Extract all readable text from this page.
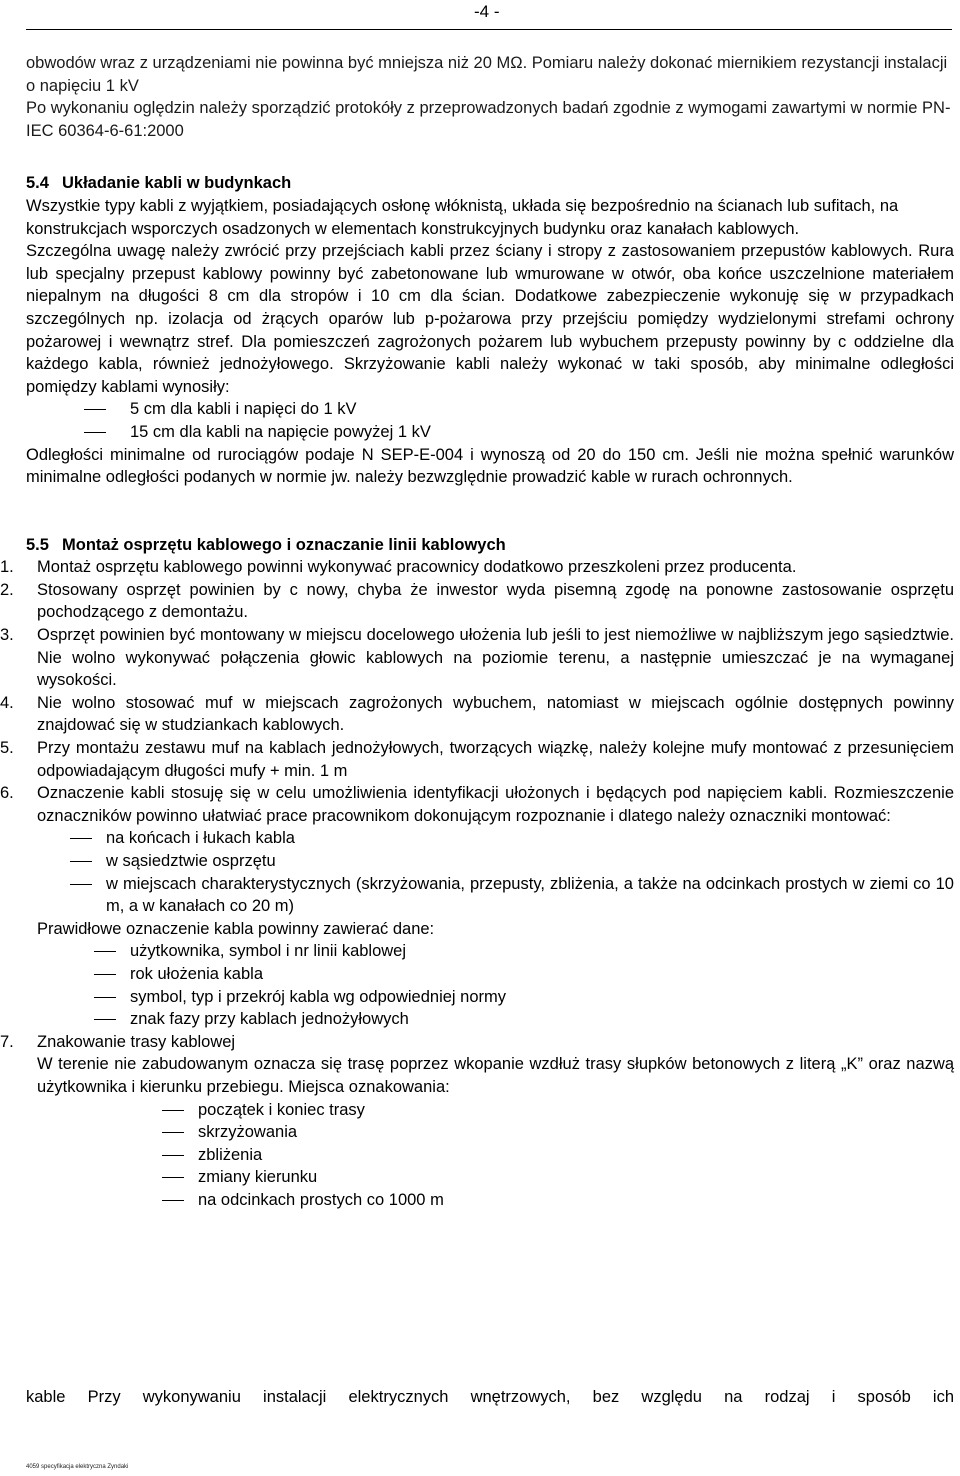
-4 -

obwodów wraz z urządzeniami nie powinna być mniejsza niż 20 MΩ. Pomiaru należy dokonać miernikiem rezystancji instalacji o napięciu 1 kV

Po wykonaniu oględzin należy sporządzić protokóły z przeprowadzonych badań zgodnie z wymogami zawartymi w normie PN-IEC 60364-6-61:2000

5.4 Układanie kabli w budynkach

Wszystkie typy kabli z wyjątkiem, posiadających osłonę włóknistą, układa się bezpośrednio na ścianach lub sufitach, na konstrukcjach wsporczych osadzonych w elementach konstrukcyjnych budynku oraz kanałach kablowych.

Szczególna uwagę należy zwrócić przy przejściach kabli przez ściany i stropy z zastosowaniem przepustów kablowych. Rura lub specjalny przepust kablowy powinny być zabetonowane lub wmurowane w otwór, oba końce uszczelnione materiałem niepalnym na długości 8 cm dla stropów i 10 cm dla ścian. Dodatkowe zabezpieczenie wykonuję się w przypadkach szczególnych np. izolacja od żrących oparów lub p-pożarowa przy przejściu pomiędzy wydzielonymi strefami ochrony pożarowej i wewnątrz stref. Dla pomieszczeń zagrożonych pożarem lub wybuchem przepusty powinny by c oddzielne dla każdego kabla, również jednożyłowego. Skrzyżowanie kabli należy wykonać w taki sposób, aby minimalne odległości pomiędzy kablami wynosiły:

5 cm dla kabli i napięci do 1 kV
15 cm dla kabli na napięcie powyżej 1 kV

Odległości minimalne od rurociągów podaje N SEP-E-004 i wynoszą od 20 do 150 cm. Jeśli nie można spełnić warunków minimalne odległości podanych w normie jw. należy bezwzględnie prowadzić kable w rurach ochronnych.

5.5 Montaż osprzętu kablowego i oznaczanie linii kablowych

1.	Montaż osprzętu kablowego powinni wykonywać pracownicy dodatkowo przeszkoleni przez producenta.
2.	Stosowany osprzęt powinien by c nowy, chyba że inwestor wyda pisemną zgodę na ponowne zastosowanie osprzętu pochodzącego z demontażu.
3.	Osprzęt powinien być montowany w miejscu docelowego ułożenia lub jeśli to jest niemożliwe w najbliższym jego sąsiedztwie. Nie wolno wykonywać połączenia głowic kablowych na poziomie terenu, a następnie umieszczać je na wymaganej wysokości.
4.	Nie wolno stosować muf w miejscach zagrożonych wybuchem, natomiast w miejscach ogólnie dostępnych powinny znajdować się w studziankach kablowych.
5.	Przy montażu zestawu muf na kablach jednożyłowych, tworzących wiązkę, należy kolejne mufy montować z przesunięciem odpowiadającym długości mufy + min. 1 m
6.	Oznaczenie kabli stosuję się w celu umożliwienia identyfikacji ułożonych i będących pod napięciem kabli. Rozmieszczenie oznaczników powinno ułatwiać prace pracownikom dokonującym rozpoznanie i dlatego należy oznaczniki montować:
na końcach i łukach kabla
w sąsiedztwie osprzętu
w miejscach charakterystycznych (skrzyżowania, przepusty, zbliżenia, a także na odcinkach prostych w ziemi co 10 m, a w kanałach co 20 m)

Prawidłowe oznaczenie kabla powinny zawierać dane:

użytkownika, symbol i nr linii kablowej
rok ułożenia kabla
symbol, typ i przekrój kabla wg odpowiedniej normy
znak fazy przy kablach jednożyłowych
7.	Znakowanie trasy kablowej

W terenie nie zabudowanym oznacza się trasę poprzez wkopanie wzdłuż trasy słupków betonowych z literą „K” oraz nazwą użytkownika i kierunku przebiegu. Miejsca oznakowania:

początek i koniec trasy
skrzyżowania
zbliżenia
zmiany kierunku
na odcinkach prostych co 1000 m

kable Przy wykonywaniu instalacji elektrycznych wnętrzowych, bez względu na rodzaj i sposób ich

4059 specyfikacja elektryczna Zyndaki
